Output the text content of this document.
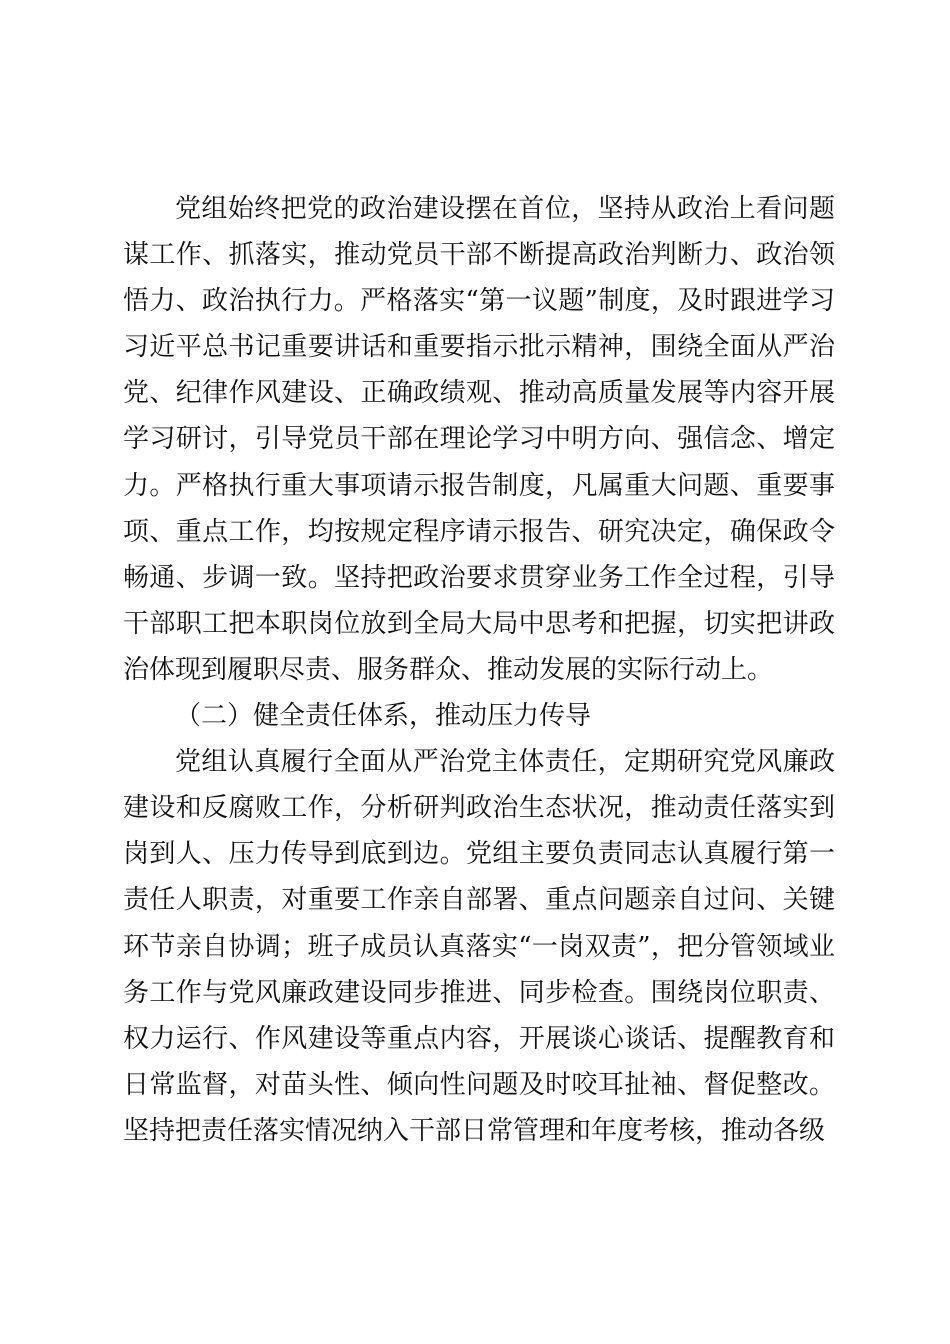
党组始终把党的政治建设摆在首位，坚持从政治上看问题谋工作、抓落实，推动党员干部不断提高政治判断力、政治领悟力、政治执行力。严格落实“第一议题”制度，及时跟进学习习近平总书记重要讲话和重要指示批示精神，围绕全面从严治党、纪律作风建设、正确政绩观、推动高质量发展等内容开展学习研讨，引导党员干部在理论学习中明方向、强信念、增定力。严格执行重大事项请示报告制度，凡属重大问题、重要事项、重点工作，均按规定程序请示报告、研究决定，确保政令畅通、步调一致。坚持把政治要求贯穿业务工作全过程，引导干部职工把本职岗位放到全局大局中思考和把握，切实把讲政治体现到履职尽责、服务群众、推动发展的实际行动上。

（二）健全责任体系，推动压力传导

党组认真履行全面从严治党主体责任，定期研究党风廉政建设和反腐败工作，分析研判政治生态状况，推动责任落实到岗到人、压力传导到底到边。党组主要负责同志认真履行第一责任人职责，对重要工作亲自部署、重点问题亲自过问、关键环节亲自协调；班子成员认真落实“一岗双责”，把分管领域业务工作与党风廉政建设同步推进、同步检查。围绕岗位职责、权力运行、作风建设等重点内容，开展谈心谈话、提醒教育和日常监督，对苗头性、倾向性问题及时咬耳扯袖、督促整改。坚持把责任落实情况纳入干部日常管理和年度考核，推动各级
